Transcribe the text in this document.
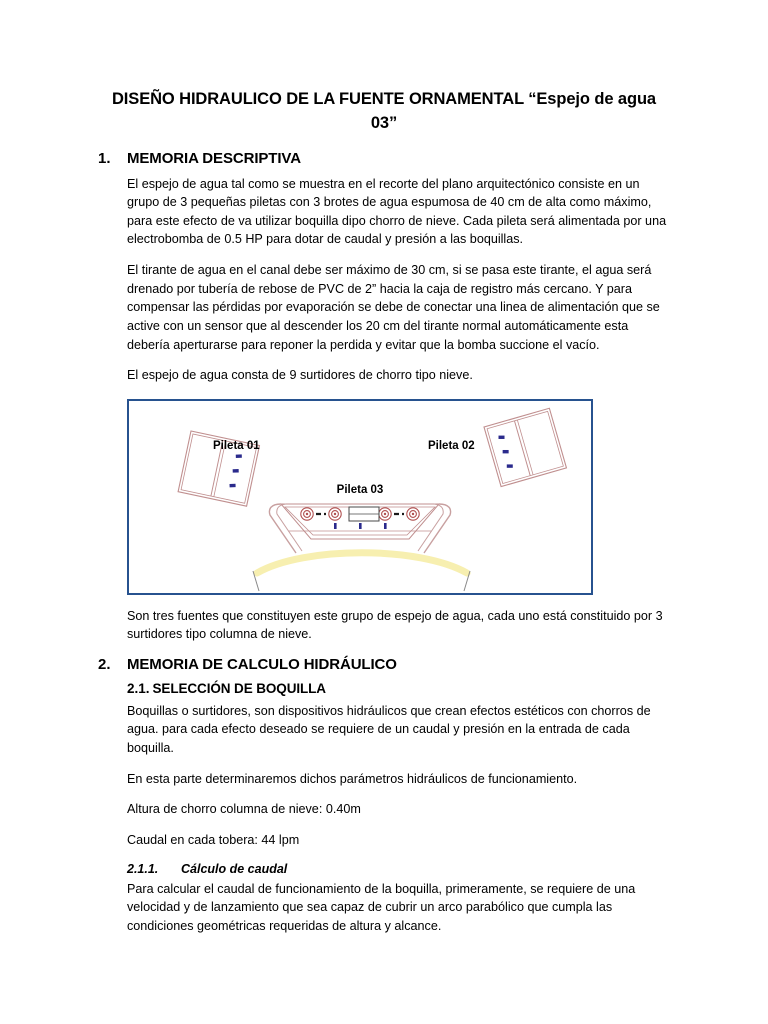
DISEÑO HIDRAULICO DE LA FUENTE ORNAMENTAL “Espejo de agua 03”
1.	MEMORIA DESCRIPTIVA

El espejo de agua tal como se muestra en el recorte del plano arquitectónico consiste en un grupo de 3 pequeñas piletas con 3 brotes de agua espumosa de 40 cm de alta como máximo, para este efecto de va utilizar boquilla dipo chorro de nieve. Cada pileta será alimentada por una electrobomba de 0.5 HP para dotar de caudal y presión a las boquillas.

El tirante de agua en el canal debe ser máximo de 30 cm, si se pasa este tirante, el agua será drenado por tubería de rebose de PVC de 2” hacia la caja de registro más cercano. Y para compensar las pérdidas por evaporación se debe de conectar una linea de alimentación que se active con un sensor que al descender los 20 cm del tirante normal automáticamente esta debería aperturarse para reponer la perdida y evitar que la bomba succione el vacío.

El espejo de agua consta de 9 surtidores de chorro tipo nieve.

Pileta 01	Pileta 02
Pileta 03

Son tres fuentes que constituyen este grupo de espejo de agua, cada uno está constituido por 3 surtidores tipo columna de nieve.

2.	MEMORIA DE CALCULO HIDRÁULICO
2.1. SELECCIÓN DE BOQUILLA

Boquillas o surtidores, son dispositivos hidráulicos que crean efectos estéticos con chorros de agua. para cada efecto deseado se requiere de un caudal y presión en la entrada de cada boquilla.

En esta parte determinaremos dichos parámetros hidráulicos de funcionamiento.

Altura de chorro columna de nieve: 0.40m

Caudal en cada tobera: 44 lpm

2.1.1.	Cálculo de caudal

Para calcular el caudal de funcionamiento de la boquilla, primeramente, se requiere de una velocidad y de lanzamiento que sea capaz de cubrir un arco parabólico que cumpla las condiciones geométricas requeridas de altura y alcance.
